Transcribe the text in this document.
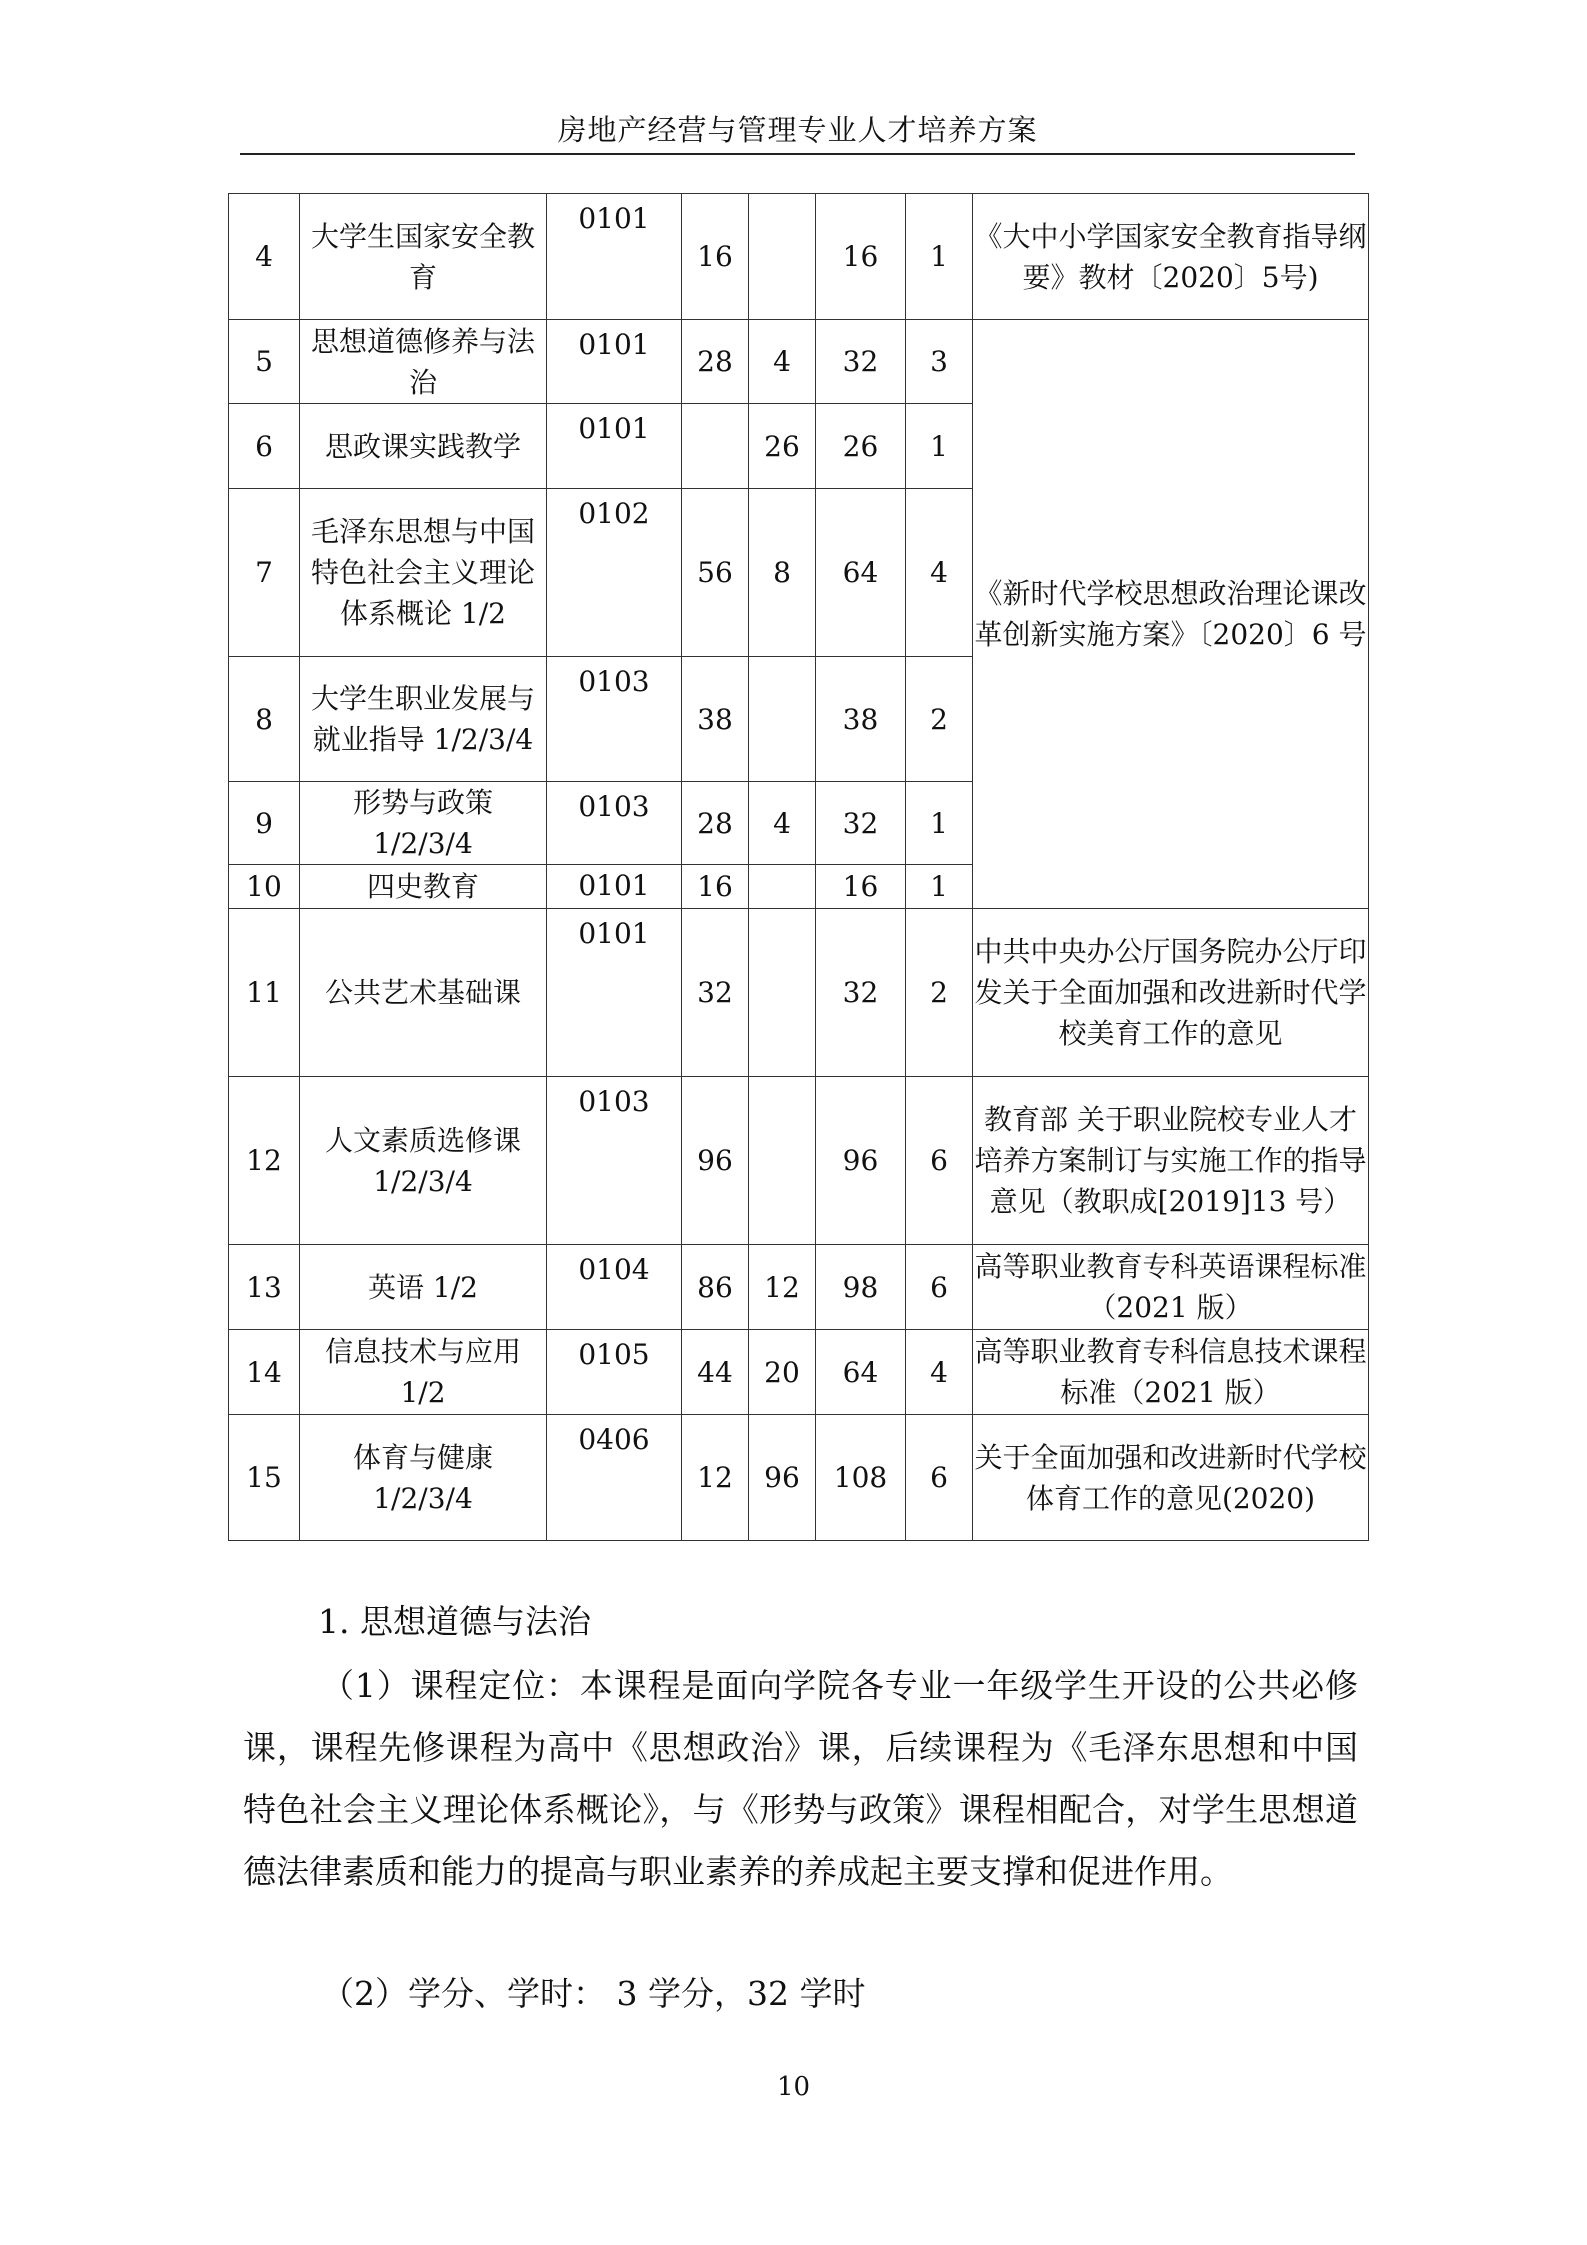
房地产经营与管理专业人才培养方案
4	大学生国家安全教育	0101	16		16	1	《大中小学国家安全教育指导纲要》教材〔2020〕5号)
5	思想道德修养与法治	0101	28	4	32	3	《新时代学校思想政治理论课改革创新实施方案》〔2020〕6 号
6	思政课实践教学	0101		26	26	1	
7	毛泽东思想与中国特色社会主义理论体系概论 1/2	0102	56	8	64	4	
8	大学生职业发展与就业指导 1/2/3/4	0103	38		38	2	
9	形势与政策 1/2/3/4	0103	28	4	32	1	
10	四史教育	0101	16		16	1	
11	公共艺术基础课	0101	32		32	2	中共中央办公厅国务院办公厅印发关于全面加强和改进新时代学校美育工作的意见
12	人文素质选修课 1/2/3/4	0103	96		96	6	教育部 关于职业院校专业人才培养方案制订与实施工作的指导意见（教职成[2019]13 号）
13	英语 1/2	0104	86	12	98	6	高等职业教育专科英语课程标准（2021 版）
14	信息技术与应用 1/2	0105	44	20	64	4	高等职业教育专科信息技术课程标准（2021 版）
15	体育与健康 1/2/3/4	0406	12	96	108	6	关于全面加强和改进新时代学校体育工作的意见(2020)
1. 思想道德与法治
（1）课程定位：本课程是面向学院各专业一年级学生开设的公共必修课，课程先修课程为高中《思想政治》课，后续课程为《毛泽东思想和中国特色社会主义理论体系概论》，与《形势与政策》课程相配合，对学生思想道德法律素质和能力的提高与职业素养的养成起主要支撑和促进作用。
（2）学分、学时： 3 学分，32 学时
10
